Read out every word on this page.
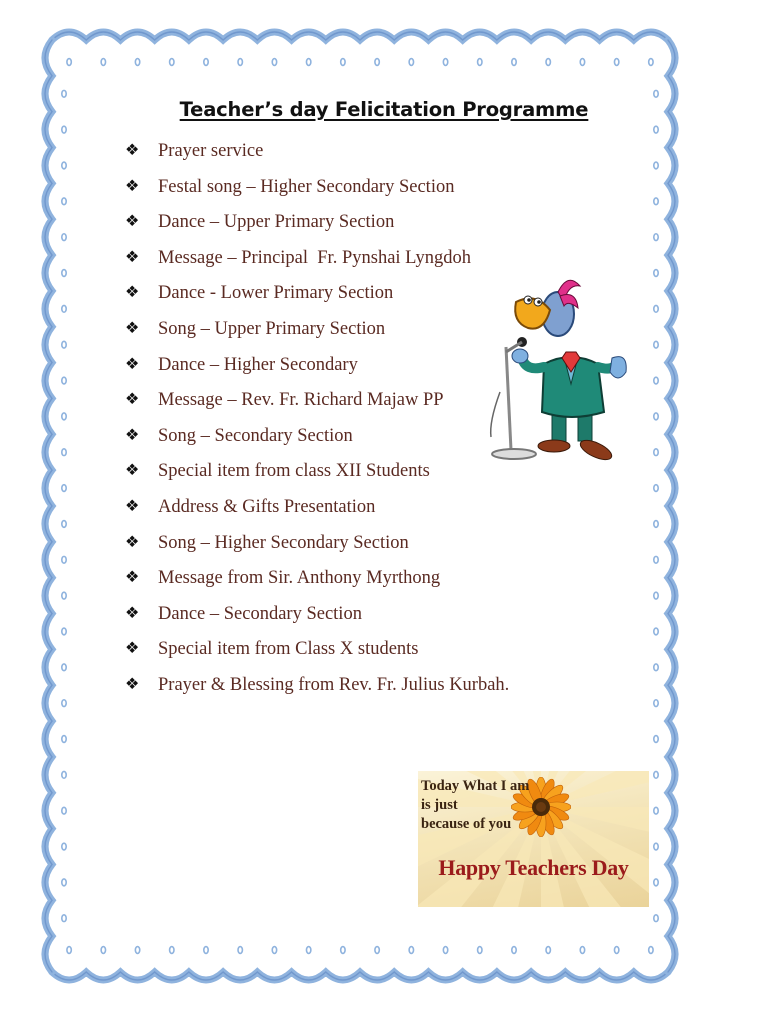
Teacher’s day Felicitation Programme
❖	Prayer service
❖	Festal song – Higher Secondary Section
❖	Dance – Upper Primary Section
❖	Message – Principal  Fr. Pynshai Lyngdoh
❖	Dance - Lower Primary Section
❖	Song – Upper Primary Section
❖	Dance – Higher Secondary
❖	Message – Rev. Fr. Richard Majaw PP
❖	Song – Secondary Section
❖	Special item from class XII Students
❖	Address & Gifts Presentation
❖	Song – Higher Secondary Section
❖	Message from Sir. Anthony Myrthong
❖	Dance – Secondary Section
❖	Special item from Class X students
❖	Prayer & Blessing from Rev. Fr. Julius Kurbah.
Today What I am
is just
because of you
Happy Teachers Day
